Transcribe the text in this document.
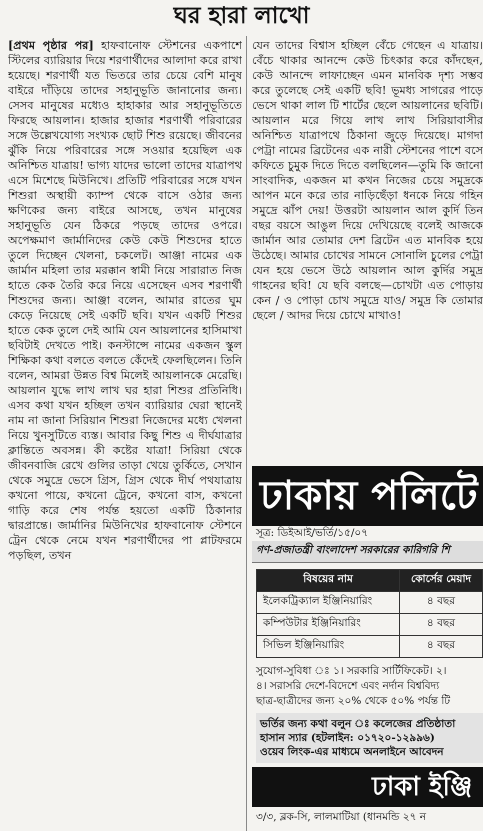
ঘর হারা লাখো
[প্রথম পৃষ্ঠার পর] হাফবানোফ স্টেশনের একপাশে স্টিলের ব্যারিয়ার দিয়ে শরণার্থীদের আলাদা করে রাখা হয়েছে। শরণার্থী যত ভিতরে তার চেয়ে বেশি মানুষ বাইরে দাঁড়িয়ে তাদের সহানুভূতি জানানোর জন্য। সেসব মানুষের মধ্যেও হাহাকার আর সহানুভূতিতে ফিরছে আয়লান। হাজার হাজার শরণার্থী পরিবারের সঙ্গে উল্লেখযোগ্য সংখ্যক ছোট শিশু রয়েছে। জীবনের ঝুঁকি নিয়ে পরিবারের সঙ্গে সওয়ার হয়েছিল এক অনিশ্চিত যাত্রায়! ভাগ্য যাদের ভালো তাদের যাত্রাপথ এসে মিশেছে মিউনিখে। প্রতিটি পরিবারের সঙ্গে যখন শিশুরা অস্থায়ী ক্যাম্প থেকে বাসে ওঠার জন্য ক্ষণিকের জন্য বাইরে আসছে, তখন মানুষের সহানুভূতি যেন ঠিকরে পড়ছে তাদের ওপরে। অপেক্ষমাণ জার্মানিদের কেউ কেউ শিশুদের হাতে তুলে দিচ্ছেন খেলনা, চকলেট। আঞ্জা নামের এক জার্মান মহিলা তার মরক্কান স্বামী নিয়ে সারারাত নিজ হাতে কেক তৈরি করে নিয়ে এসেছেন এসব শরণার্থী শিশুদের জন্য। আঞ্জা বলেন, আমার রাতের ঘুম কেড়ে নিয়েছে সেই একটি ছবি। যখন একটি শিশুর হাতে কেক তুলে দেই আমি যেন আয়লানের হাসিমাখা ছবিটাই দেখতে পাই। কনস্টান্সে নামের একজন স্কুল শিক্ষিকা কথা বলতে বলতে কেঁদেই ফেলছিলেন। তিনি বলেন, আমরা উন্নত বিশ্ব মিলেই আয়লানকে মেরেছি। আয়লান যুদ্ধে লাখ লাখ ঘর হারা শিশুর প্রতিনিধি। এসব কথা যখন হচ্ছিল তখন ব্যারিয়ার ঘেরা স্থানেই নাম না জানা সিরিয়ান শিশুরা নিজেদের মধ্যে খেলনা নিয়ে খুনসুটিতে ব্যস্ত। আবার কিছু শিশু এ দীর্ঘযাত্রার ক্লান্তিতে অবসন্ন। কী কষ্টের যাত্রা! সিরিয়া থেকে জীবনবাজি রেখে গুলির তাড়া খেয়ে তুর্কিতে, সেখান থেকে সমুদ্রে ভেসে গ্রিস, গ্রিস থেকে দীর্ঘ পথযাত্রায় কখনো পায়ে, কখনো ট্রেনে, কখনো বাস, কখনো গাড়ি করে শেষ পর্যন্ত হয়তো একটি ঠিকানার দ্বারপ্রান্তে। জার্মানির মিউনিখের হাফবানোফ স্টেশনে ট্রেন থেকে নেমে যখন শরণার্থীদের পা প্লাটফরমে পড়ছিল, তখন
যেন তাদের বিশ্বাস হচ্ছিল বেঁচে গেছেন এ যাত্রায়। বেঁচে থাকার আনন্দে কেউ চিৎকার করে কাঁদছেন, কেউ আনন্দে লাফাচ্ছেন এমন মানবিক দৃশ্য সম্ভব করে তুলেছে সেই একটি ছবি! ভূমধ্য সাগরের পাড়ে ভেসে থাকা লাল টি শার্টের ছেলে আয়লানের ছবিটি। আয়লান মরে গিয়ে লাখ লাখ সিরিয়াবাসীর অনিশ্চিত যাত্রাপথে ঠিকানা জুড়ে দিয়েছে। মাগদা পেট্রা নামের ব্রিটেনের এক নারী স্টেশনের পাশে বসে কফিতে চুমুক দিতে দিতে বলছিলেন—তুমি কি জানো সাংবাদিক, একজন মা কখন নিজের চেয়ে সমুদ্রকে আপন মনে করে তার নাড়িছেঁড়া ধনকে নিয়ে গহিন সমুদ্রে ঝাঁপ দেয়! উত্তরটা আয়লান আল কুর্দি তিন বছর বয়সে আঙুল দিয়ে দেখিয়েছে বলেই আজকে জার্মান আর তোমার দেশ ব্রিটেন এত মানবিক হয়ে উঠেছে। আমার চোখের সামনে সোনালি চুলের পেট্রা যেন হয়ে ভেসে উঠে আয়লান আল কুর্দির সমুদ্র গাহনের ছবি! যে ছবি বলছে—চোখটা এত পোড়ায় কেন / ও পোড়া চোখ সমুদ্রে যাও/ সমুদ্র কি তোমার ছেলে / আদর দিয়ে চোখে মাখাও!
ঢাকায় পলিটে
সূত্র: ডিইআই/ভর্তি/১৫/০৭
গণ-প্রজাতন্ত্রী বাংলাদেশ সরকারের কারিগরি শি
বিষয়ের নাম	কোর্সের মেয়াদ
ইলেকট্রিক্যাল ইঞ্জিনিয়ারিং	৪ বছর
কম্পিউটার ইঞ্জিনিয়ারিং	৪ বছর
সিভিল ইঞ্জিনিয়ারিং	৪ বছর
সুযোগ-সুবিধা ঃ ১। সরকারি সার্টিফিকেট। ২।
৪। সরাসরি দেশে-বিদেশে এবং নর্দান বিশ্ববিদ্য
ছাত্র-ছাত্রীদের জন্য ২০% থেকে ৫০% পর্যন্ত টি
ভর্তির জন্য কথা বলুন ঃ কলেজের প্রতিষ্ঠাতা
হাসান স্যার (হটলাইন: ০১৭২০-১২৯৯৬)
ওয়েব লিংক-এর মাধ্যমে অনলাইনে আবেদন
ঢাকা ইঞ্জি
৩/৩, ব্লক-সি, লালমাটিয়া (ধানমন্ডি ২৭ ন
